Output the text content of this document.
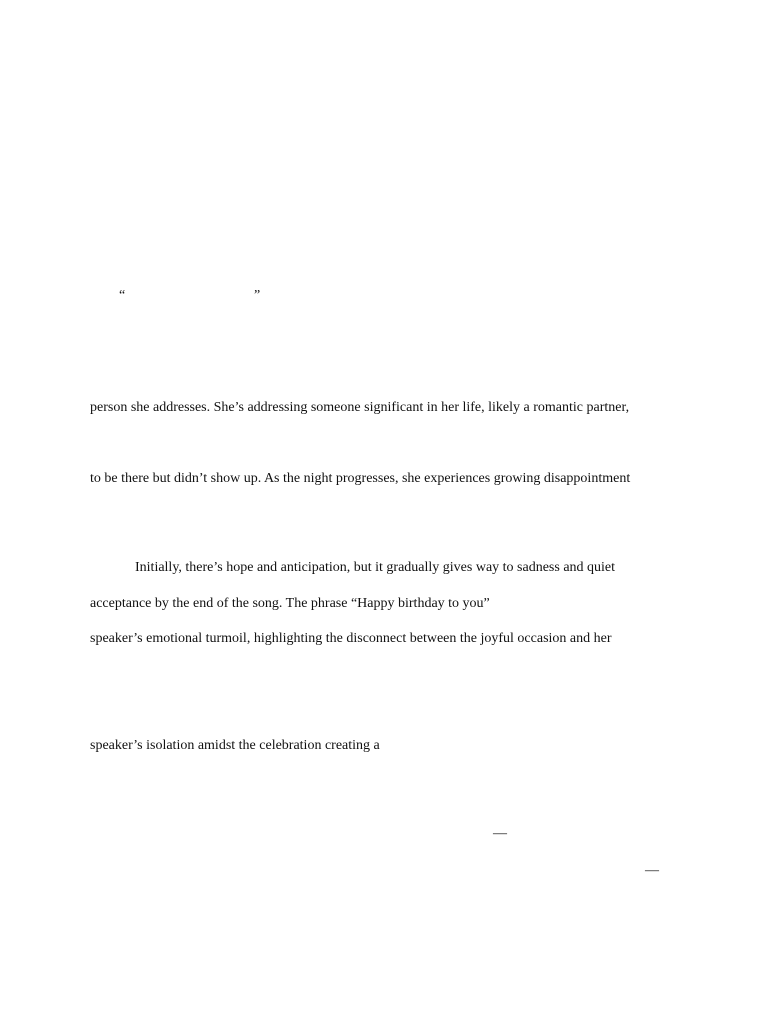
“	”
person she addresses. She’s addressing someone significant in her life, likely a romantic partner,
to be there but didn’t show up. As the night progresses, she experiences growing disappointment
Initially, there’s hope and anticipation, but it gradually gives way to sadness and quiet
acceptance by the end of the song. The phrase “Happy birthday to you”
speaker’s emotional turmoil, highlighting the disconnect between the joyful occasion and her
speaker’s isolation amidst the celebration creating a
—
—
